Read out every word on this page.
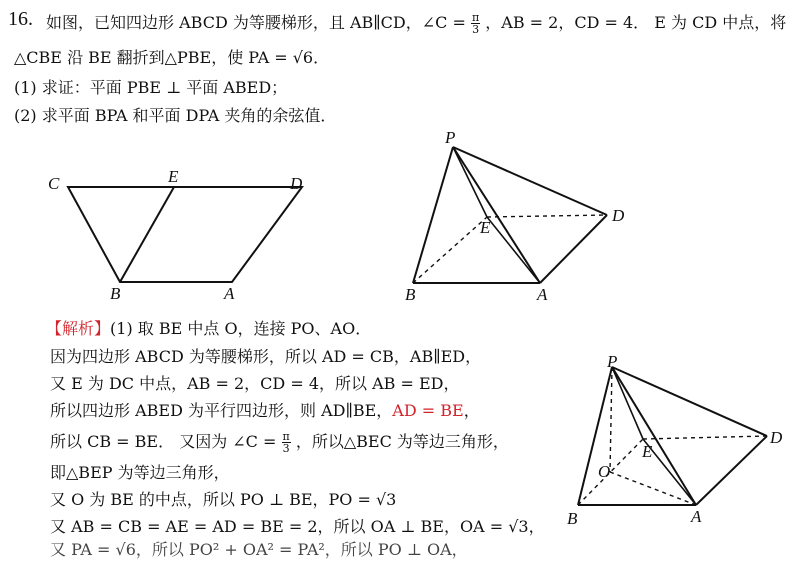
16. 如图，已知四边形 ABCD 为等腰梯形，且 AB∥CD，∠C = $\frac{\pi}{3}$ ，AB = 2，CD = 4． E 为 CD 中点，将
△CBE 沿 BE 翻折到△PBE，使 PA = √6．
(1) 求证：平面 PBE ⊥ 平面 ABED；
(2) 求平面 BPA 和平面 DPA 夹角的余弦值．
C	E	D
B	A
P
E
D
B	A
【解析】(1) 取 BE 中点 O，连接 PO、AO．
因为四边形 ABCD 为等腰梯形，所以 AD = CB，AB∥ED，
又 E 为 DC 中点，AB = 2，CD = 4，所以 AB = ED，
所以四边形 ABED 为平行四边形，则 AD∥BE，AD = BE，
所以 CB = BE． 又因为 ∠C = $\frac{\pi}{3}$ ，所以△BEC 为等边三角形，
即△BEP 为等边三角形，
又 O 为 BE 的中点，所以 PO ⊥ BE，PO = √3
又 AB = CB = AE = AD = BE = 2，所以 OA ⊥ BE，OA = √3，
又 PA = √6，所以 PO² + OA² = PA²，所以 PO ⊥ OA，
P
E
D
O
B	A
